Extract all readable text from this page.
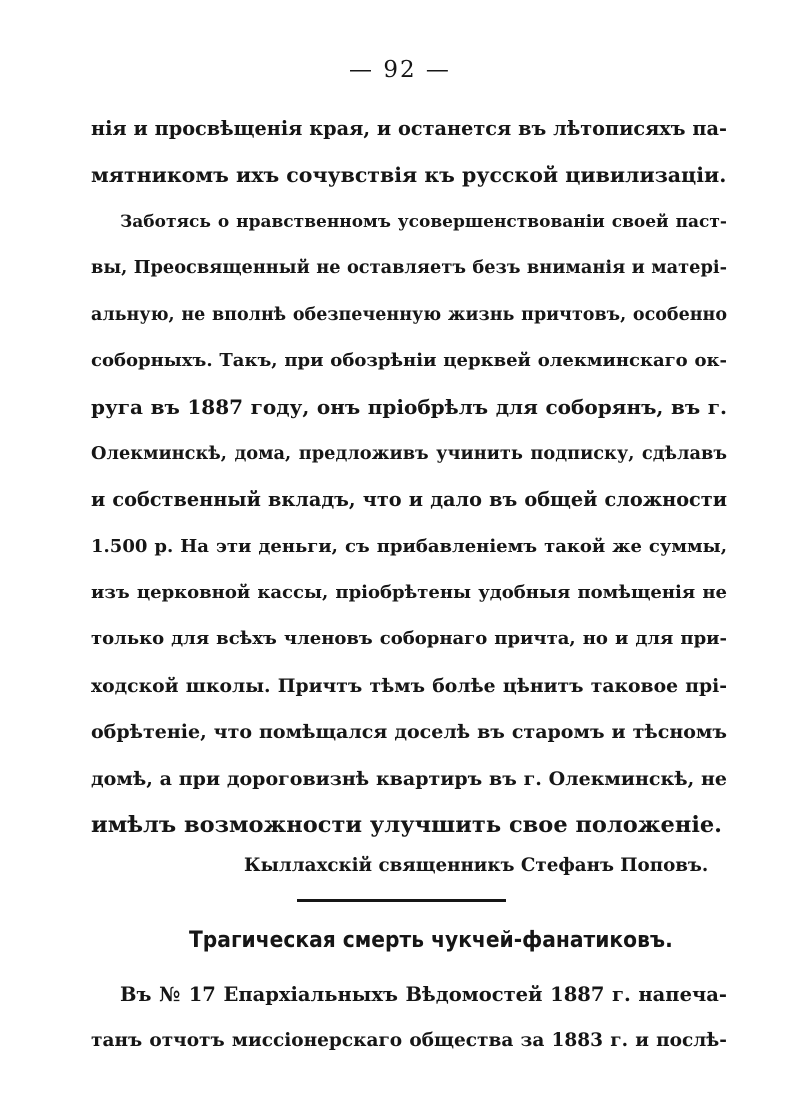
— 92 —
нія и просвѣщенія края, и останется въ лѣтописяхъ па-
мятникомъ ихъ сочувствія къ русской цивилизаціи.
Заботясь о нравственномъ усовершенствованіи своей паст-
вы, Преосвященный не оставляетъ безъ вниманія и матері-
альную, не вполнѣ обезпеченную жизнь причтовъ, особенно
соборныхъ. Такъ, при обозрѣніи церквей олекминскаго ок-
руга въ 1887 году, онъ пріобрѣлъ для соборянъ, въ г.
Олекминскѣ, дома, предложивъ учинить подписку, сдѣлавъ
и собственный вкладъ, что и дало въ общей сложности
1.500 р. На эти деньги, съ прибавленіемъ такой же суммы,
изъ церковной кассы, пріобрѣтены удобныя помѣщенія не
только для всѣхъ членовъ соборнаго причта, но и для при-
ходской школы. Причтъ тѣмъ болѣе цѣнитъ таковое прі-
обрѣтеніе, что помѣщался доселѣ въ старомъ и тѣсномъ
домѣ, а при дороговизнѣ квартиръ въ г. Олекминскѣ, не
имѣлъ возможности улучшить свое положеніе.
Кыллахскій священникъ Стефанъ Поповъ.
Трагическая смерть чукчей-фанатиковъ.
Въ № 17 Епархіальныхъ Вѣдомостей 1887 г. напеча-
танъ отчотъ миссіонерскаго общества за 1883 г. и послѣ-
